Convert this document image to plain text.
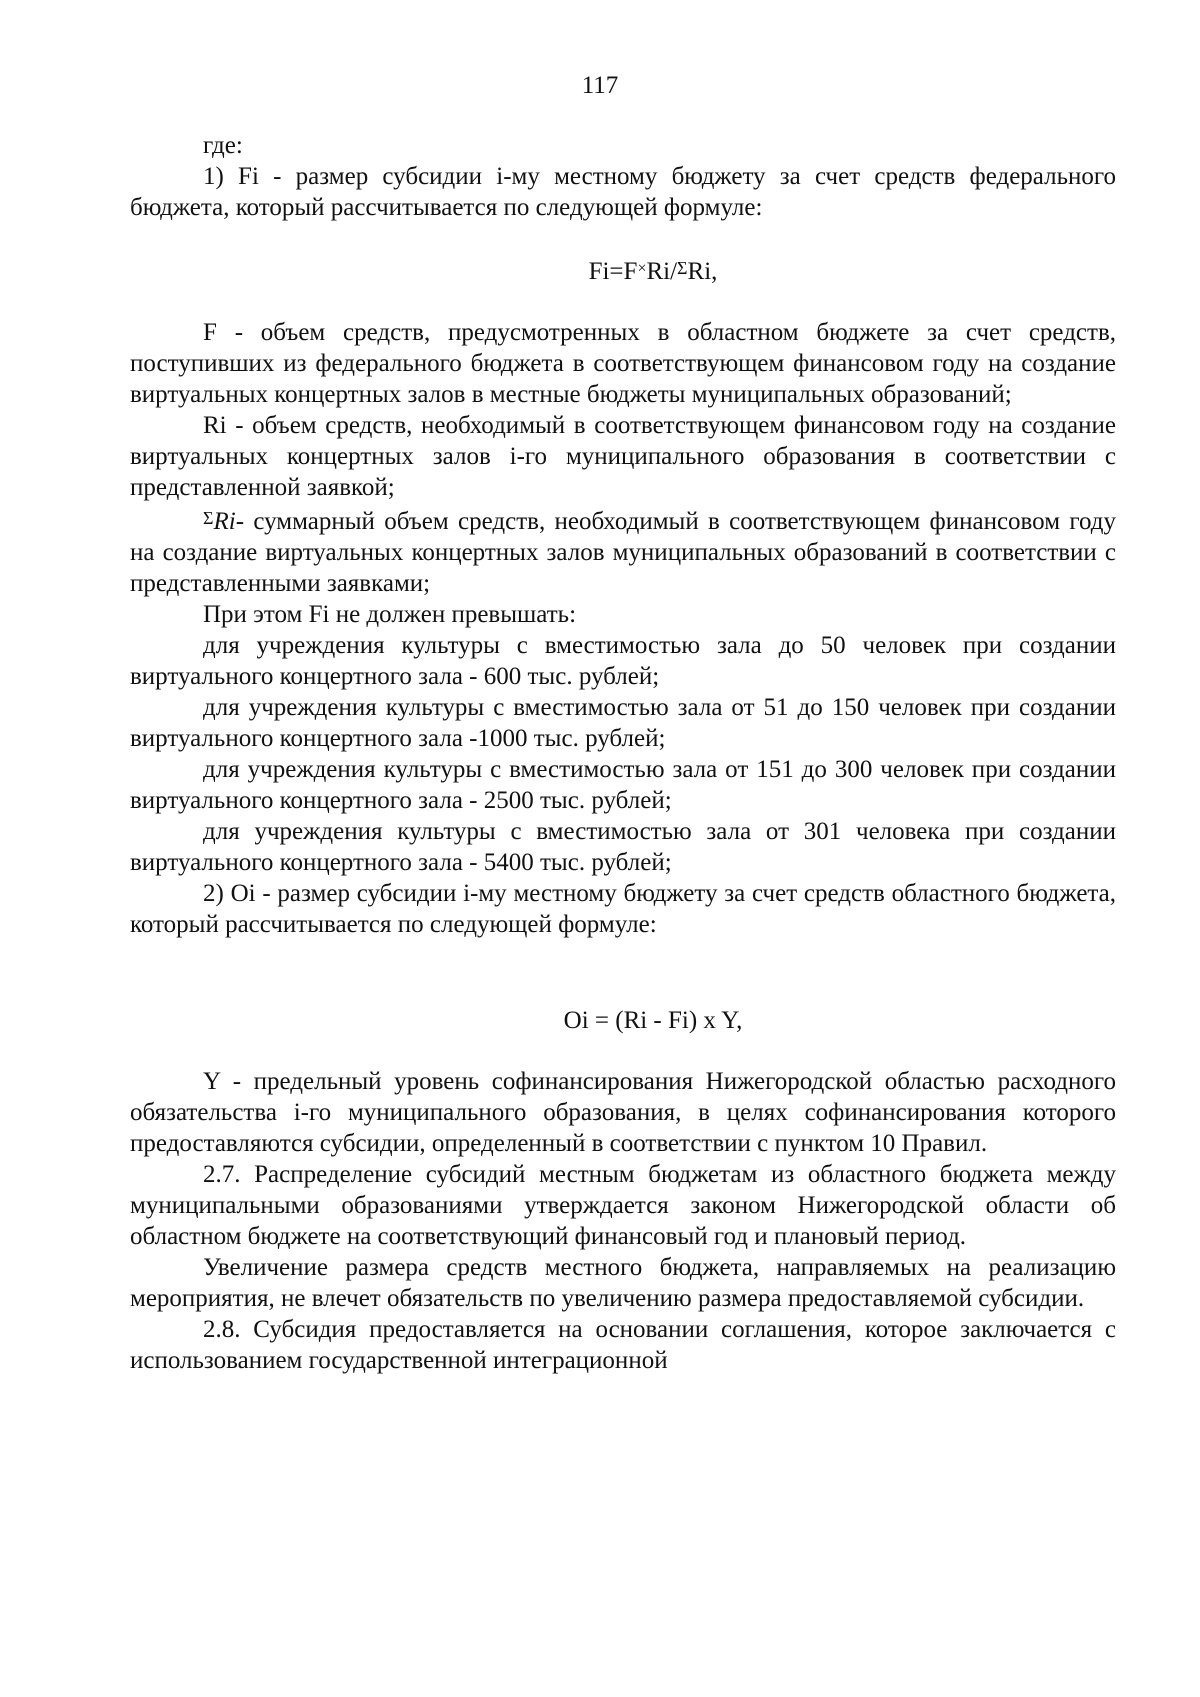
117

где:

1) Fi - размер субсидии i-му местному бюджету за счет средств федерального бюджета, который рассчитывается по следующей формуле:

Fi=F×Ri/$^\Sigma$Ri,

F - объем средств, предусмотренных в областном бюджете за счет средств, поступивших из федерального бюджета в соответствующем финансовом году на создание виртуальных концертных залов в местные бюджеты муниципальных образований;

Ri - объем средств, необходимый в соответствующем финансовом году на создание виртуальных концертных залов i-го муниципального образования в соответствии с представленной заявкой;

$^\Sigma$Ri- суммарный объем средств, необходимый в соответствующем финансовом году на создание виртуальных концертных залов муниципальных образований в соответствии с представленными заявками;

При этом Fi не должен превышать:

для учреждения культуры с вместимостью зала до 50 человек при создании виртуального концертного зала - 600 тыс. рублей;

для учреждения культуры с вместимостью зала от 51 до 150 человек при создании виртуального концертного зала -1000 тыс. рублей;

для учреждения культуры с вместимостью зала от 151 до 300 человек при создании виртуального концертного зала - 2500 тыс. рублей;

для учреждения культуры с вместимостью зала от 301 человека при создании виртуального концертного зала - 5400 тыс. рублей;

2) Oi - размер субсидии i-му местному бюджету за счет средств областного бюджета, который рассчитывается по следующей формуле:

Oi = (Ri - Fi) x Y,

Y - предельный уровень софинансирования Нижегородской областью расходного обязательства i-го муниципального образования, в целях софинансирования которого предоставляются субсидии, определенный в соответствии с пунктом 10 Правил.

2.7. Распределение субсидий местным бюджетам из областного бюджета между муниципальными образованиями утверждается законом Нижегородской области об областном бюджете на соответствующий финансовый год и плановый период.

Увеличение размера средств местного бюджета, направляемых на реализацию мероприятия, не влечет обязательств по увеличению размера предоставляемой субсидии.

2.8. Субсидия предоставляется на основании соглашения, которое заключается с использованием государственной интеграционной
